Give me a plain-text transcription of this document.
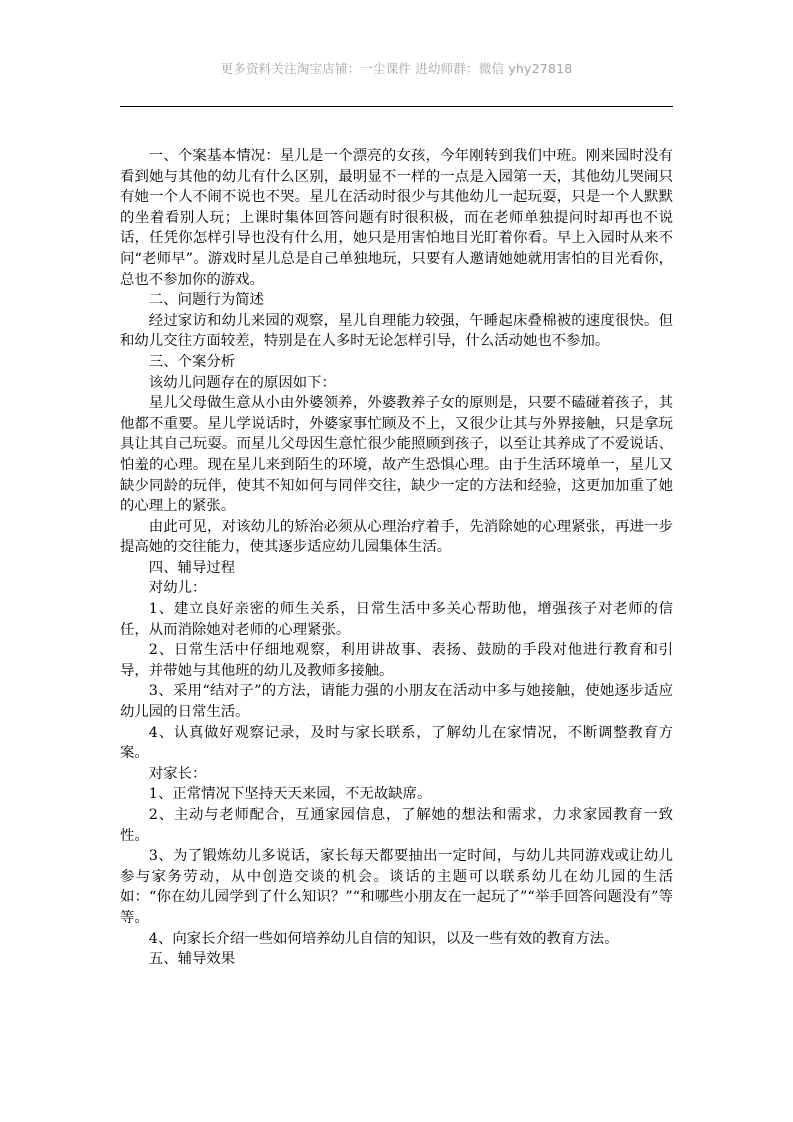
更多资料关注淘宝店铺：一尘课件 进幼师群：微信 yhy27818

一、个案基本情况：星儿是一个漂亮的女孩，今年刚转到我们中班。刚来园时没有看到她与其他的幼儿有什么区别，最明显不一样的一点是入园第一天，其他幼儿哭闹只有她一个人不闹不说也不哭。星儿在活动时很少与其他幼儿一起玩耍，只是一个人默默的坐着看别人玩；上课时集体回答问题有时很积极，而在老师单独提问时却再也不说话，任凭你怎样引导也没有什么用，她只是用害怕地目光盯着你看。早上入园时从来不问“老师早”。游戏时星儿总是自己单独地玩，只要有人邀请她她就用害怕的目光看你，总也不参加你的游戏。

二、问题行为简述

经过家访和幼儿来园的观察，星儿自理能力较强，午睡起床叠棉被的速度很快。但和幼儿交往方面较差，特别是在人多时无论怎样引导，什么活动她也不参加。

三、个案分析

该幼儿问题存在的原因如下：

星儿父母做生意从小由外婆领养，外婆教养子女的原则是，只要不磕碰着孩子，其他都不重要。星儿学说话时，外婆家事忙顾及不上，又很少让其与外界接触，只是拿玩具让其自己玩耍。而星儿父母因生意忙很少能照顾到孩子，以至让其养成了不爱说话、怕羞的心理。现在星儿来到陌生的环境，故产生恐惧心理。由于生活环境单一，星儿又缺少同龄的玩伴，使其不知如何与同伴交往，缺少一定的方法和经验，这更加加重了她的心理上的紧张。

由此可见，对该幼儿的矫治必须从心理治疗着手，先消除她的心理紧张，再进一步提高她的交往能力，使其逐步适应幼儿园集体生活。

四、辅导过程

对幼儿：

1、建立良好亲密的师生关系，日常生活中多关心帮助他，增强孩子对老师的信任，从而消除她对老师的心理紧张。

2、日常生活中仔细地观察，利用讲故事、表扬、鼓励的手段对他进行教育和引导，并带她与其他班的幼儿及教师多接触。

3、采用“结对子”的方法，请能力强的小朋友在活动中多与她接触，使她逐步适应幼儿园的日常生活。

4、认真做好观察记录，及时与家长联系，了解幼儿在家情况，不断调整教育方案。

对家长：

1、正常情况下坚持天天来园，不无故缺席。

2、主动与老师配合，互通家园信息，了解她的想法和需求，力求家园教育一致性。

3、为了锻炼幼儿多说话，家长每天都要抽出一定时间，与幼儿共同游戏或让幼儿参与家务劳动，从中创造交谈的机会。谈话的主题可以联系幼儿在幼儿园的生活如：“你在幼儿园学到了什么知识？”“和哪些小朋友在一起玩了”“举手回答问题没有”等等。

4、向家长介绍一些如何培养幼儿自信的知识，以及一些有效的教育方法。

五、辅导效果
